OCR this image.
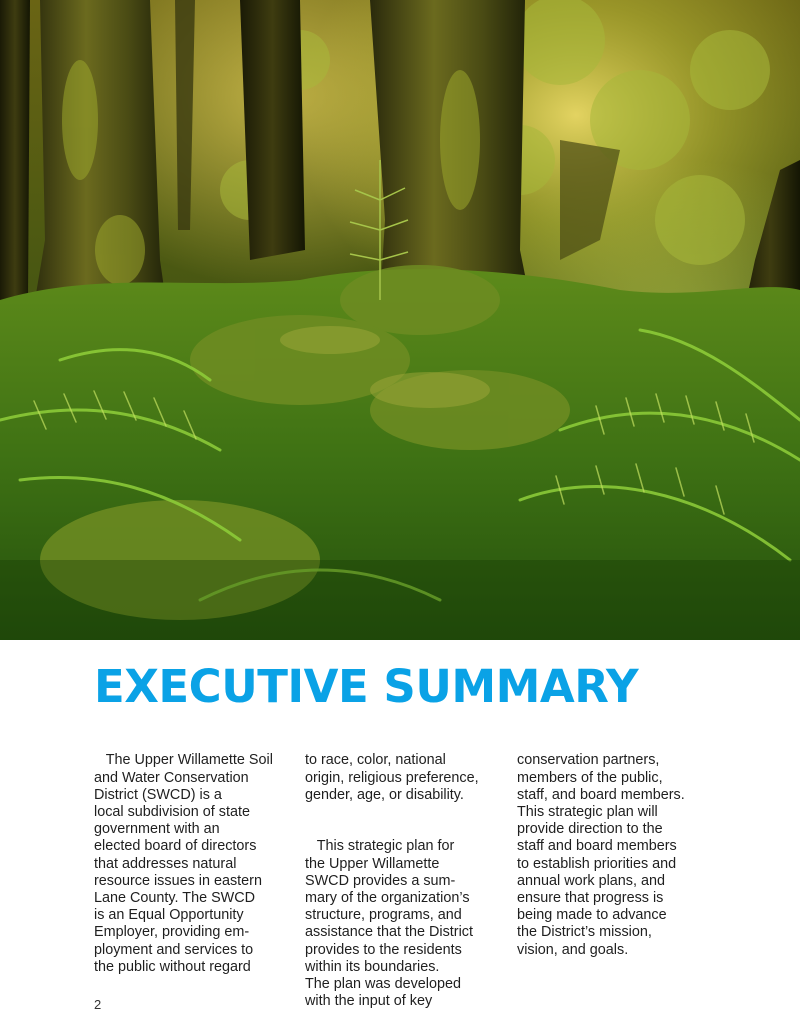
EXECUTIVE SUMMARY

The Upper Willamette Soil
and Water Conservation
District (SWCD) is a
local subdivision of state
government with an
elected board of directors
that addresses natural
resource issues in eastern
Lane County. The SWCD
is an Equal Opportunity
Employer, providing em-
ployment and services to
the public without regard

to race, color, national
origin, religious preference,
gender, age, or disability.

This strategic plan for
the Upper Willamette
SWCD provides a sum-
mary of the organization’s
structure, programs, and
assistance that the District
provides to the residents
within its boundaries.
The plan was developed
with the input of key

conservation partners,
members of the public,
staff, and board members.
This strategic plan will
provide direction to the
staff and board members
to establish priorities and
annual work plans, and
ensure that progress is
being made to advance
the District’s mission,
vision, and goals.

2
